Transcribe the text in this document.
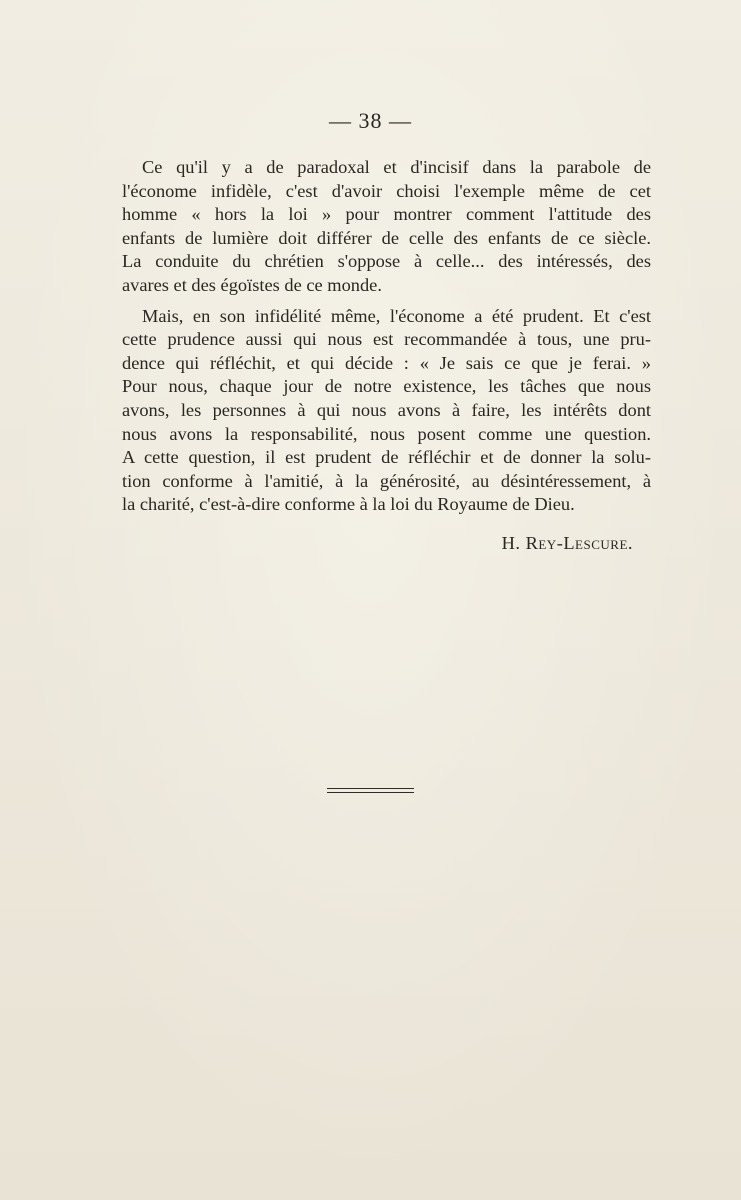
— 38 —
Ce qu'il y a de paradoxal et d'incisif dans la parabole de
l'économe infidèle, c'est d'avoir choisi l'exemple même de cet
homme « hors la loi » pour montrer comment l'attitude des
enfants de lumière doit différer de celle des enfants de ce siècle.
La conduite du chrétien s'oppose à celle... des intéressés, des
avares et des égoïstes de ce monde.
Mais, en son infidélité même, l'économe a été prudent. Et c'est
cette prudence aussi qui nous est recommandée à tous, une pru-
dence qui réfléchit, et qui décide : « Je sais ce que je ferai. »
Pour nous, chaque jour de notre existence, les tâches que nous
avons, les personnes à qui nous avons à faire, les intérêts dont
nous avons la responsabilité, nous posent comme une question.
A cette question, il est prudent de réfléchir et de donner la solu-
tion conforme à l'amitié, à la générosité, au désintéressement, à
la charité, c'est-à-dire conforme à la loi du Royaume de Dieu.
H. Rey-Lescure.
